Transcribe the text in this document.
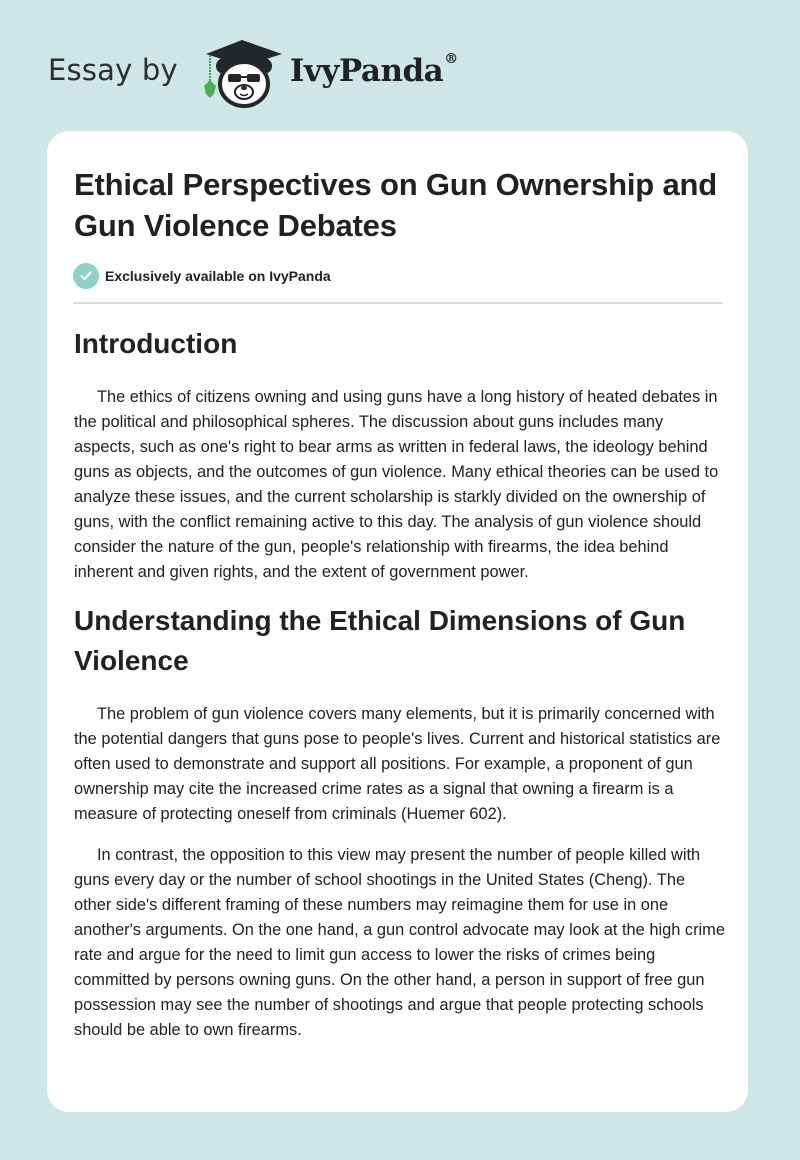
Essay by	IvyPanda®
Ethical Perspectives on Gun Ownership and Gun Violence Debates
Exclusively available on IvyPanda
Introduction

The ethics of citizens owning and using guns have a long history of heated debates in the political and philosophical spheres. The discussion about guns includes many aspects, such as one's right to bear arms as written in federal laws, the ideology behind guns as objects, and the outcomes of gun violence. Many ethical theories can be used to analyze these issues, and the current scholarship is starkly divided on the ownership of guns, with the conflict remaining active to this day. The analysis of gun violence should consider the nature of the gun, people's relationship with firearms, the idea behind inherent and given rights, and the extent of government power.

Understanding the Ethical Dimensions of Gun Violence

The problem of gun violence covers many elements, but it is primarily concerned with the potential dangers that guns pose to people's lives. Current and historical statistics are often used to demonstrate and support all positions. For example, a proponent of gun ownership may cite the increased crime rates as a signal that owning a firearm is a measure of protecting oneself from criminals (Huemer 602).

In contrast, the opposition to this view may present the number of people killed with guns every day or the number of school shootings in the United States (Cheng). The other side's different framing of these numbers may reimagine them for use in one another's arguments. On the one hand, a gun control advocate may look at the high crime rate and argue for the need to limit gun access to lower the risks of crimes being committed by persons owning guns. On the other hand, a person in support of free gun possession may see the number of shootings and argue that people protecting schools should be able to own firearms.
